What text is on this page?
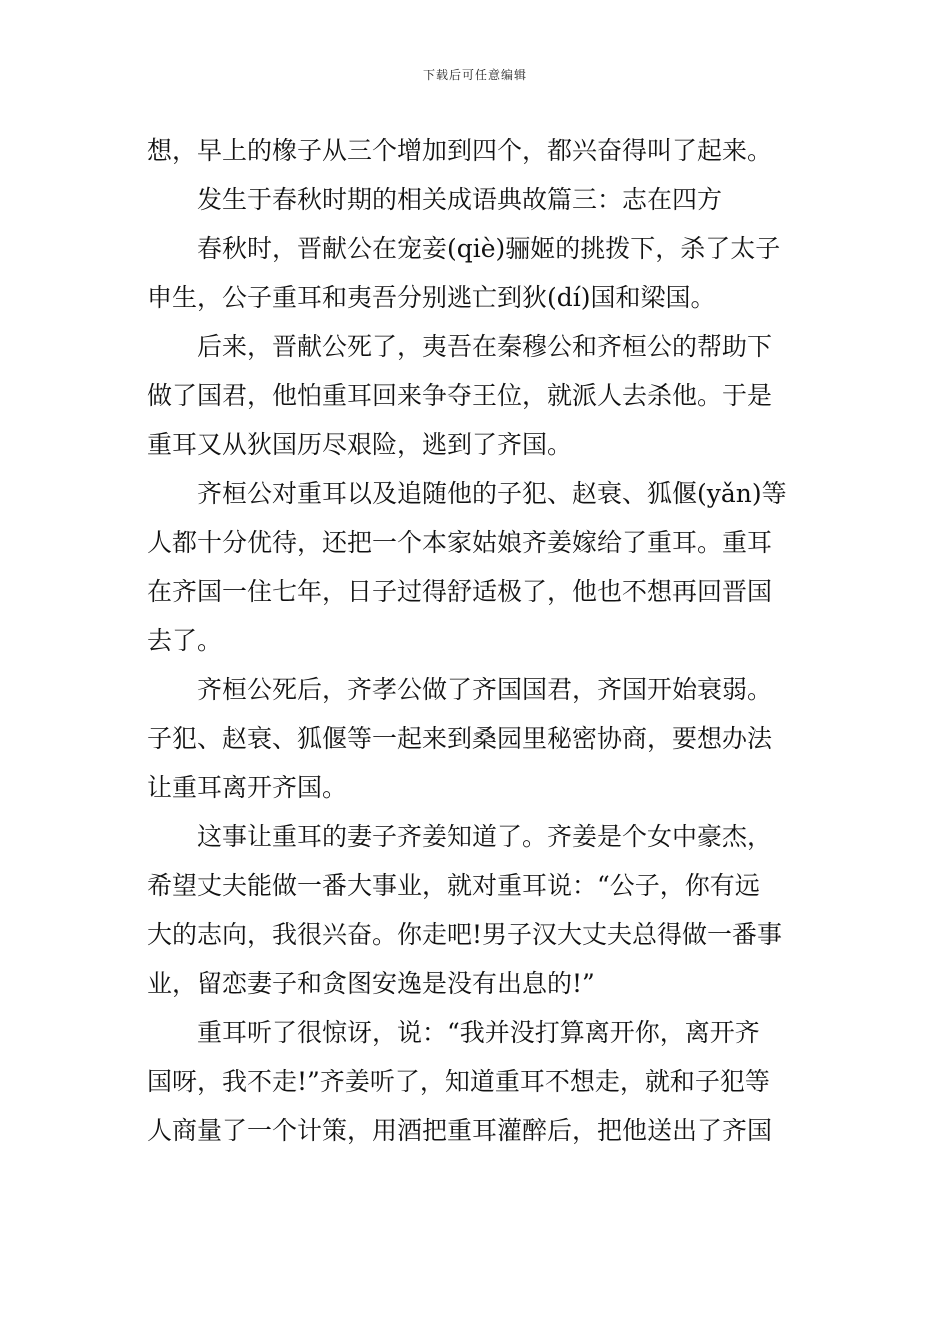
下载后可任意编辑
想，早上的橡子从三个增加到四个，都兴奋得叫了起来。
发生于春秋时期的相关成语典故篇三：志在四方
春秋时，晋献公在宠妾(qiè)骊姬的挑拨下，杀了太子
申生，公子重耳和夷吾分别逃亡到狄(dí)国和梁国。
后来，晋献公死了，夷吾在秦穆公和齐桓公的帮助下
做了国君，他怕重耳回来争夺王位，就派人去杀他。于是
重耳又从狄国历尽艰险，逃到了齐国。
齐桓公对重耳以及追随他的子犯、赵衰、狐偃(yǎn)等
人都十分优待，还把一个本家姑娘齐姜嫁给了重耳。重耳
在齐国一住七年，日子过得舒适极了，他也不想再回晋国
去了。
齐桓公死后，齐孝公做了齐国国君，齐国开始衰弱。
子犯、赵衰、狐偃等一起来到桑园里秘密协商，要想办法
让重耳离开齐国。
这事让重耳的妻子齐姜知道了。齐姜是个女中豪杰，
希望丈夫能做一番大事业，就对重耳说：“公子，你有远
大的志向，我很兴奋。你走吧!男子汉大丈夫总得做一番事
业，留恋妻子和贪图安逸是没有出息的!”
重耳听了很惊讶，说：“我并没打算离开你，离开齐
国呀，我不走!”齐姜听了，知道重耳不想走，就和子犯等
人商量了一个计策，用酒把重耳灌醉后，把他送出了齐国
